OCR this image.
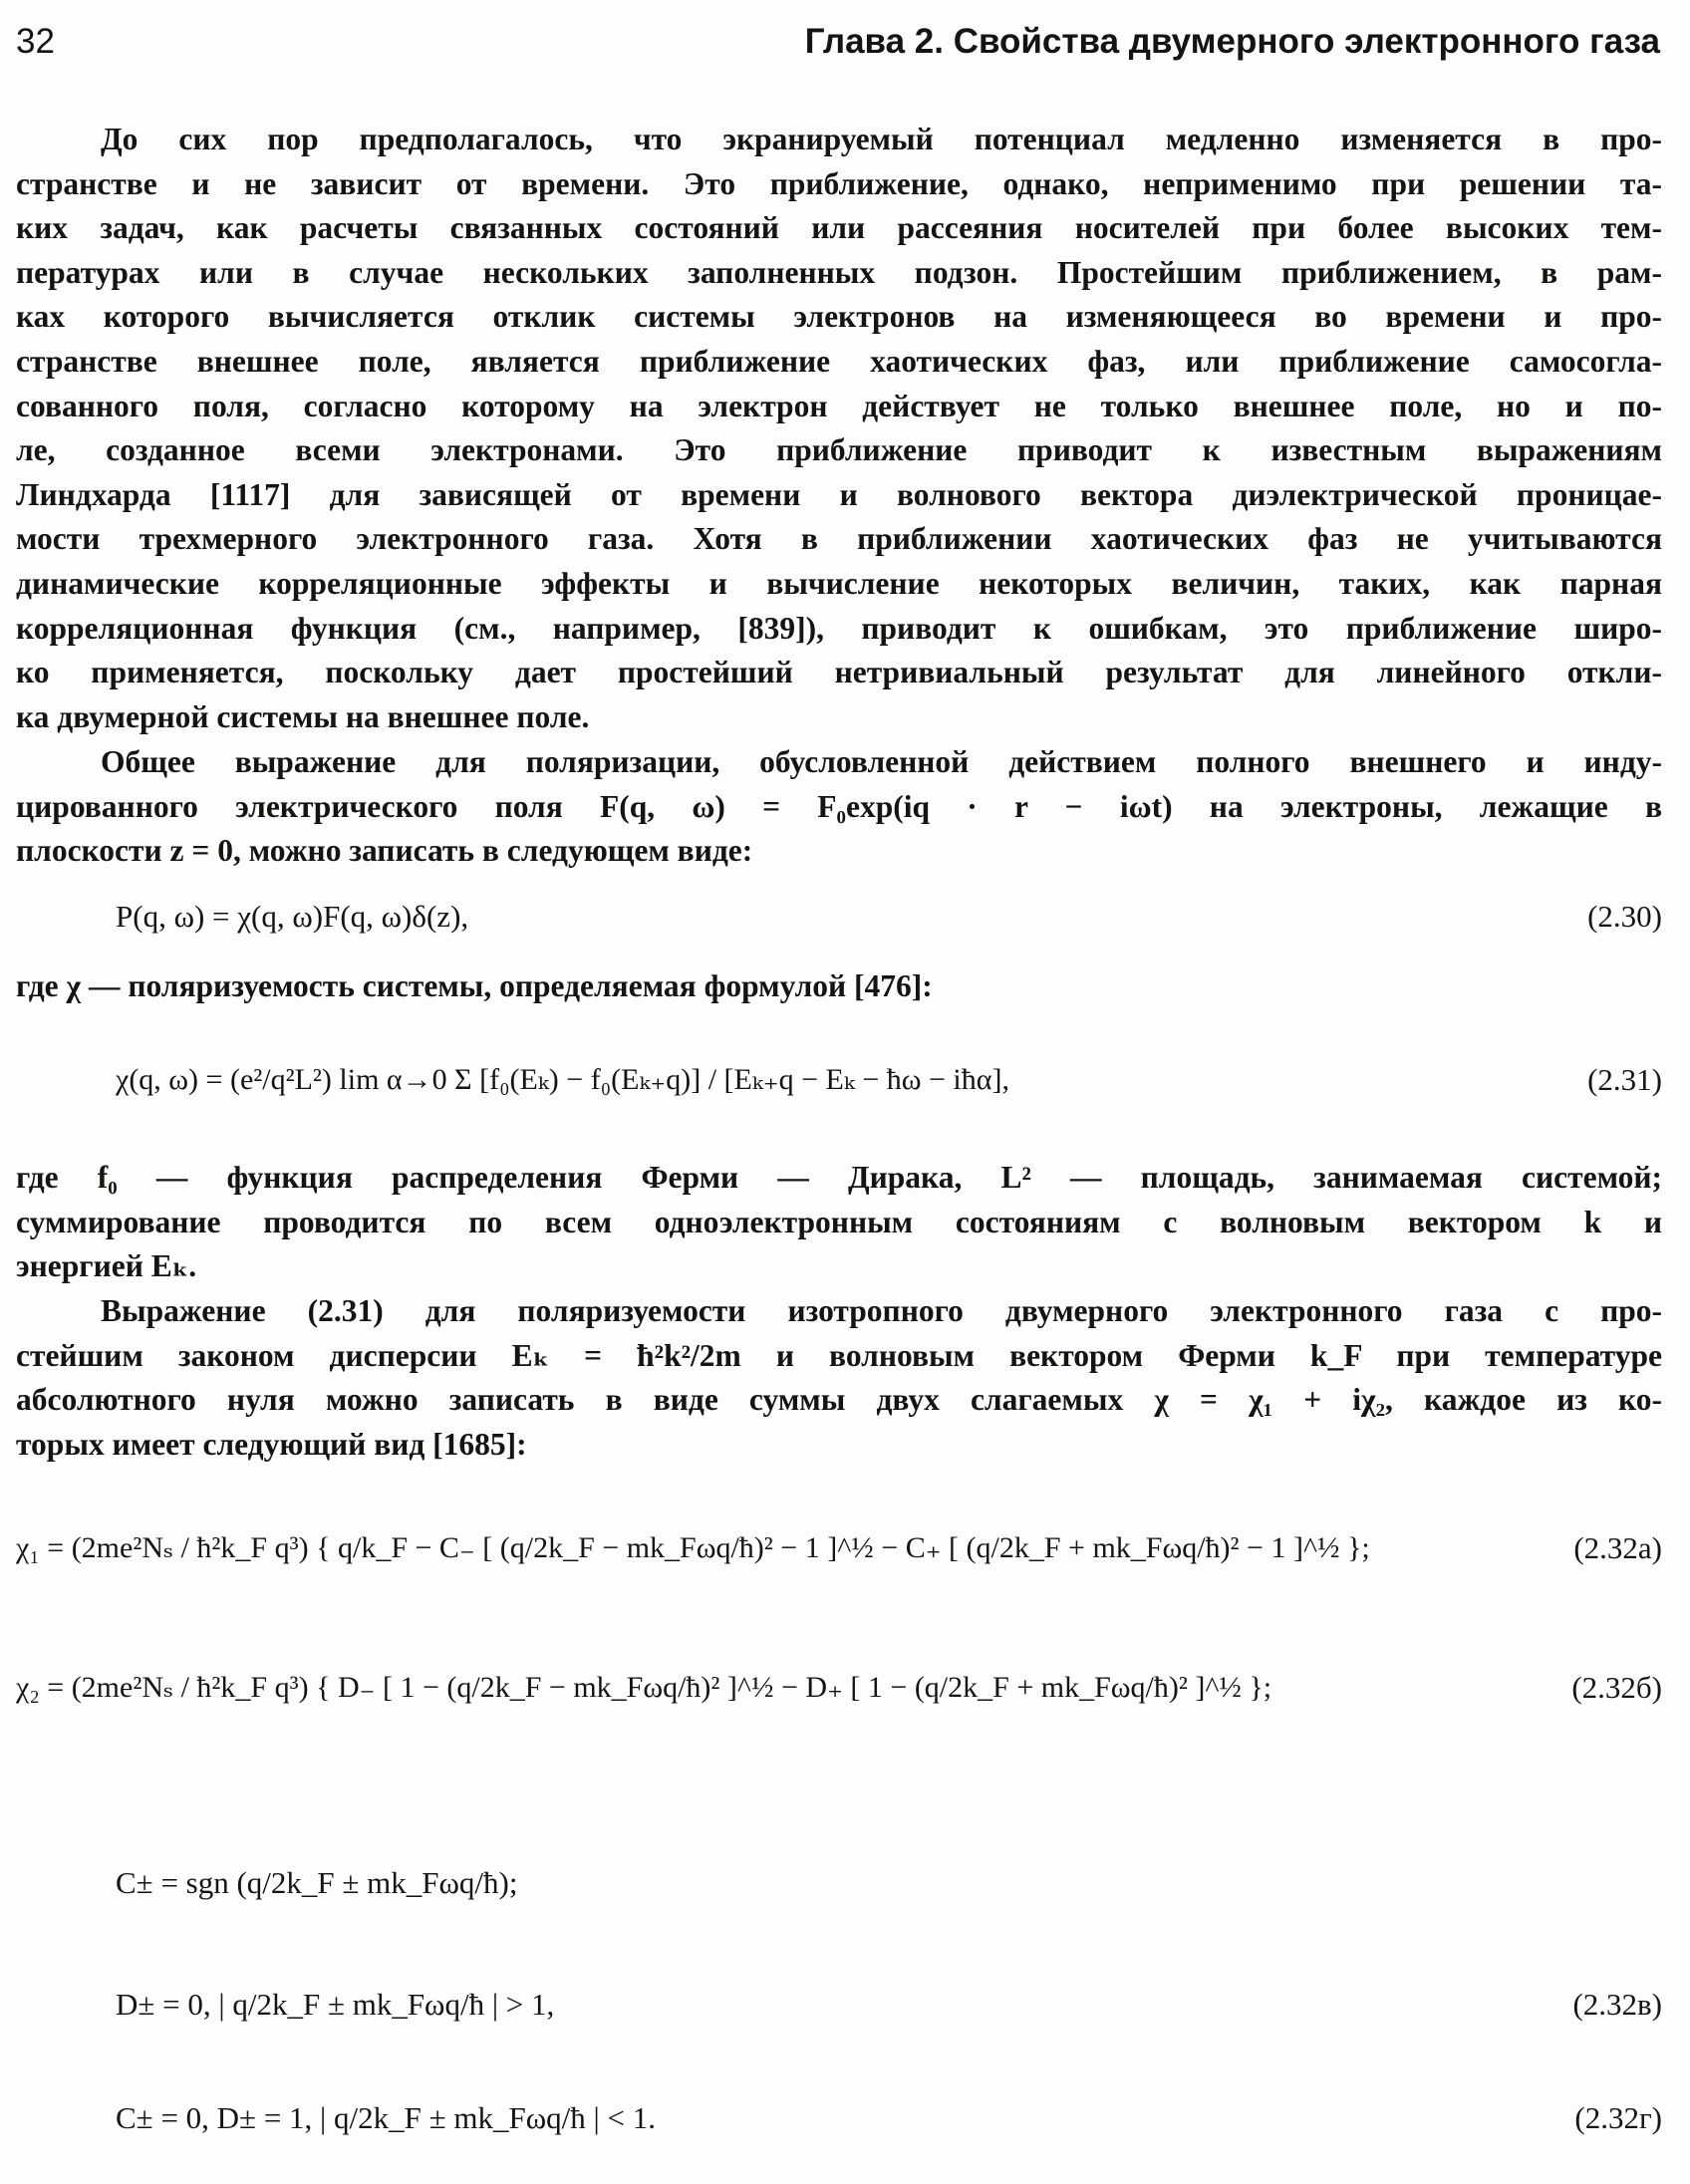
32	Глава 2. Свойства двумерного электронного газа
До сих пор предполагалось, что экранируемый потенциал медленно изменяется в про-
странстве и не зависит от времени. Это приближение, однако, неприменимо при решении та-
ких задач, как расчеты связанных состояний или рассеяния носителей при более высоких тем-
пературах или в случае нескольких заполненных подзон. Простейшим приближением, в рам-
ках которого вычисляется отклик системы электронов на изменяющееся во времени и про-
странстве внешнее поле, является приближение хаотических фаз, или приближение самосогла-
сованного поля, согласно которому на электрон действует не только внешнее поле, но и по-
ле, созданное всеми электронами. Это приближение приводит к известным выражениям
Линдхарда [1117] для зависящей от времени и волнового вектора диэлектрической проницае-
мости трехмерного электронного газа. Хотя в приближении хаотических фаз не учитываются
динамические корреляционные эффекты и вычисление некоторых величин, таких, как парная
корреляционная функция (см., например, [839]), приводит к ошибкам, это приближение широ-
ко применяется, поскольку дает простейший нетривиальный результат для линейного откли-
ка двумерной системы на внешнее поле.
Общее выражение для поляризации, обусловленной действием полного внешнего и инду-
цированного электрического поля F(q, ω) = F₀exp(iq · r − iωt) на электроны, лежащие в
плоскости z = 0, можно записать в следующем виде:
P(q, ω) = χ(q, ω)F(q, ω)δ(z),	(2.30)
где χ — поляризуемость системы, определяемая формулой [476]:
χ(q, ω) = (e²/q²L²) lim α→0 Σ [f₀(Eₖ) − f₀(Eₖ₊q)] / [Eₖ₊q − Eₖ − ħω − iħα],	(2.31)
где f₀ — функция распределения Ферми — Дирака, L² — площадь, занимаемая системой;
суммирование проводится по всем одноэлектронным состояниям с волновым вектором k и
энергией Eₖ.
Выражение (2.31) для поляризуемости изотропного двумерного электронного газа с про-
стейшим законом дисперсии Eₖ = ħ²k²/2m и волновым вектором Ферми k_F при температуре
абсолютного нуля можно записать в виде суммы двух слагаемых χ = χ₁ + iχ₂, каждое из ко-
торых имеет следующий вид [1685]:
χ₁ = (2me²Nₛ / ħ²k_F q³) { q/k_F − C₋ [ (q/2k_F − mk_Fωq/ħ)² − 1 ]^½ − C₊ [ (q/2k_F + mk_Fωq/ħ)² − 1 ]^½ };	(2.32а)
χ₂ = (2me²Nₛ / ħ²k_F q³) { D₋ [ 1 − (q/2k_F − mk_Fωq/ħ)² ]^½ − D₊ [ 1 − (q/2k_F + mk_Fωq/ħ)² ]^½ };	(2.32б)
C± = sgn (q/2k_F ± mk_Fωq/ħ);
D± = 0, | q/2k_F ± mk_Fωq/ħ | > 1,	(2.32в)
C± = 0, D± = 1, | q/2k_F ± mk_Fωq/ħ | < 1.	(2.32г)
